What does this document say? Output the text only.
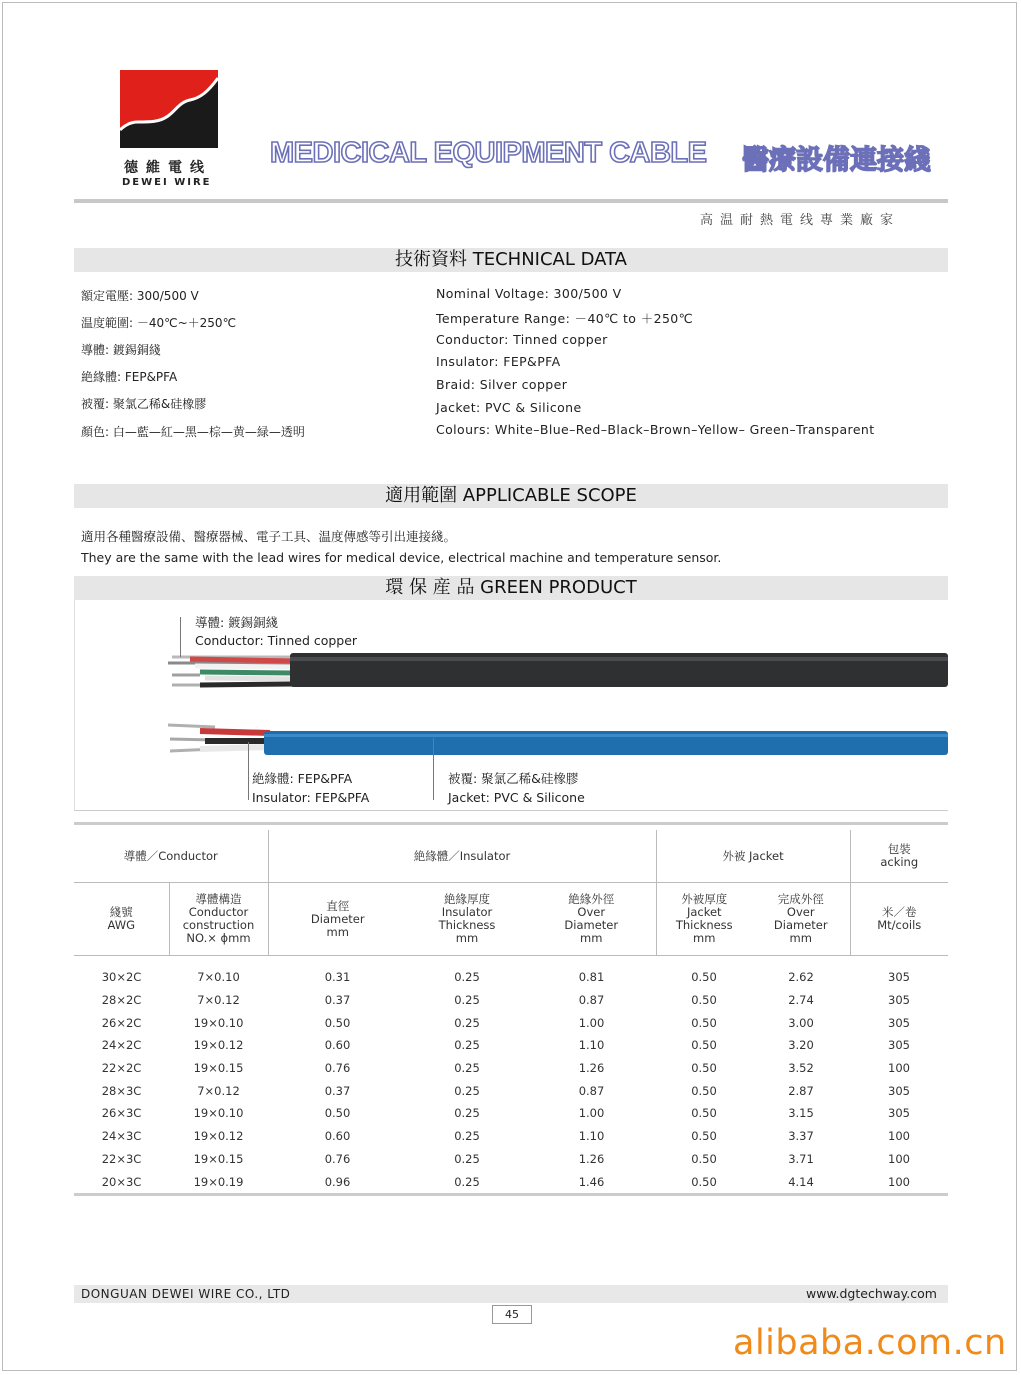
德維電线
DEWEI WIRE
MEDICICAL EQUIPMENT CABLE 醫療設備連接綫
高温耐熱電线專業廠家
技術資料 TECHNICAL DATA
額定電壓: 300/500 V
温度範圍: －40℃~＋250℃
導體: 鍍錫銅綫
絶緣體: FEP&PFA
被覆: 聚氯乙稀&硅橡膠
顏色: 白—藍—紅—黑—棕—黄—緑—透明
Nominal Voltage: 300/500 V
Temperature Range: －40℃ to ＋250℃
Conductor: Tinned copper
Insulator: FEP&PFA
Braid: Silver copper
Jacket: PVC & Silicone
Colours: White–Blue–Red–Black–Brown–Yellow– Green–Transparent
適用範圍 APPLICABLE SCOPE
適用各種醫療設備、醫療器械、電子工具、温度傳感等引出連接綫。
They are the same with the lead wires for medical device, electrical machine and temperature sensor.
環 保 産 品 GREEN PRODUCT
導體: 鍍錫銅綫
Conductor: Tinned copper
絶緣體: FEP&PFA
Insulator: FEP&PFA
被覆: 聚氯乙稀&硅橡膠
Jacket: PVC & Silicone
導體／Conductor		絶緣體／Insulator			外被 Jacket		包裝
acking
綫號
AWG	導體構造
Conductor
construction
NO.× ϕmm	直徑
Diameter
mm	絶緣厚度
Insulator
Thickness
mm	絶緣外徑
Over
Diameter
mm	外被厚度
Jacket
Thickness
mm	完成外徑
Over
Diameter
mm	米／卷
Mt/coils
30×2C	7×0.10	0.31	0.25	0.81	0.50	2.62	305
28×2C	7×0.12	0.37	0.25	0.87	0.50	2.74	305
26×2C	19×0.10	0.50	0.25	1.00	0.50	3.00	305
24×2C	19×0.12	0.60	0.25	1.10	0.50	3.20	305
22×2C	19×0.15	0.76	0.25	1.26	0.50	3.52	100
28×3C	7×0.12	0.37	0.25	0.87	0.50	2.87	305
26×3C	19×0.10	0.50	0.25	1.00	0.50	3.15	305
24×3C	19×0.12	0.60	0.25	1.10	0.50	3.37	100
22×3C	19×0.15	0.76	0.25	1.26	0.50	3.71	100
20×3C	19×0.19	0.96	0.25	1.46	0.50	4.14	100
DONGUAN DEWEI WIRE CO., LTD	www.dgtechway.com
45
alibaba.com.cn
